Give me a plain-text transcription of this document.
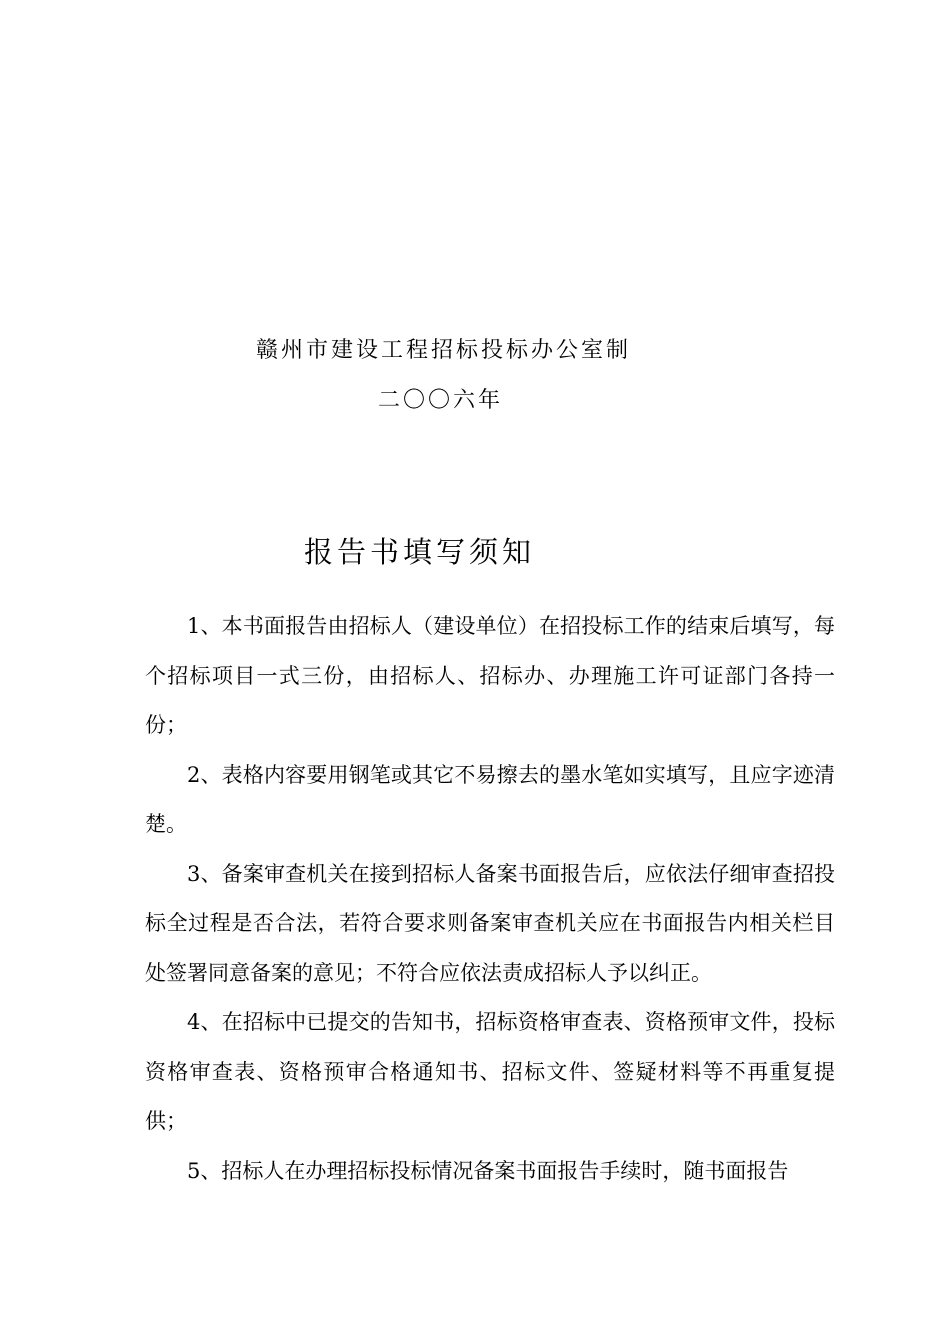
赣州市建设工程招标投标办公室制
二〇〇六年
报告书填写须知

1、本书面报告由招标人（建设单位）在招投标工作的结束后填写，每个招标项目一式三份，由招标人、招标办、办理施工许可证部门各持一份；

2、表格内容要用钢笔或其它不易擦去的墨水笔如实填写，且应字迹清楚。

3、备案审查机关在接到招标人备案书面报告后，应依法仔细审查招投标全过程是否合法，若符合要求则备案审查机关应在书面报告内相关栏目处签署同意备案的意见；不符合应依法责成招标人予以纠正。

4、在招标中已提交的告知书，招标资格审查表、资格预审文件，投标资格审查表、资格预审合格通知书、招标文件、签疑材料等不再重复提供；

5、招标人在办理招标投标情况备案书面报告手续时，随书面报告
